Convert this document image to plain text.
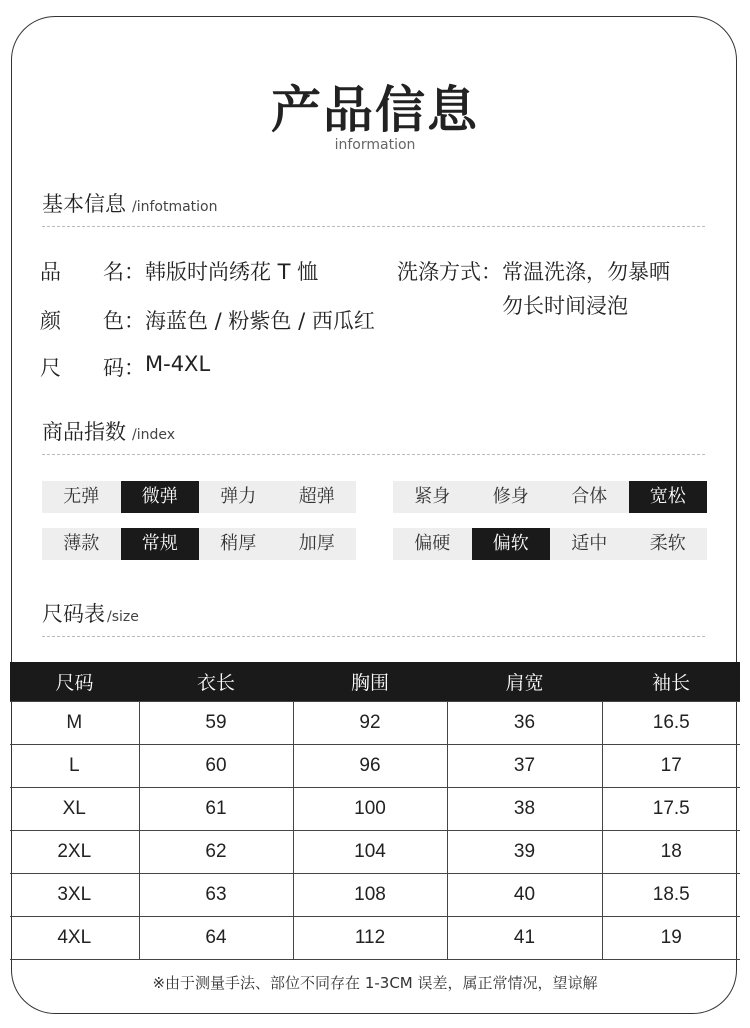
产品信息
information
基本信息 /infotmation
品　　名： 韩版时尚绣花 T 恤
颜　　色： 海蓝色 / 粉紫色 / 西瓜红
尺　　码： M-4XL
洗涤方式： 常温洗涤，勿暴晒
勿长时间浸泡
商品指数 /index
无弹	微弹	弹力	超弹	紧身	修身	合体	宽松
薄款	常规	稍厚	加厚	偏硬	偏软	适中	柔软
尺码表 /size
尺码	衣长	胸围	肩宽	袖长
M	59	92	36	16.5
L	60	96	37	17
XL	61	100	38	17.5
2XL	62	104	39	18
3XL	63	108	40	18.5
4XL	64	112	41	19
※由于测量手法、部位不同存在 1-3CM 误差，属正常情况，望谅解
